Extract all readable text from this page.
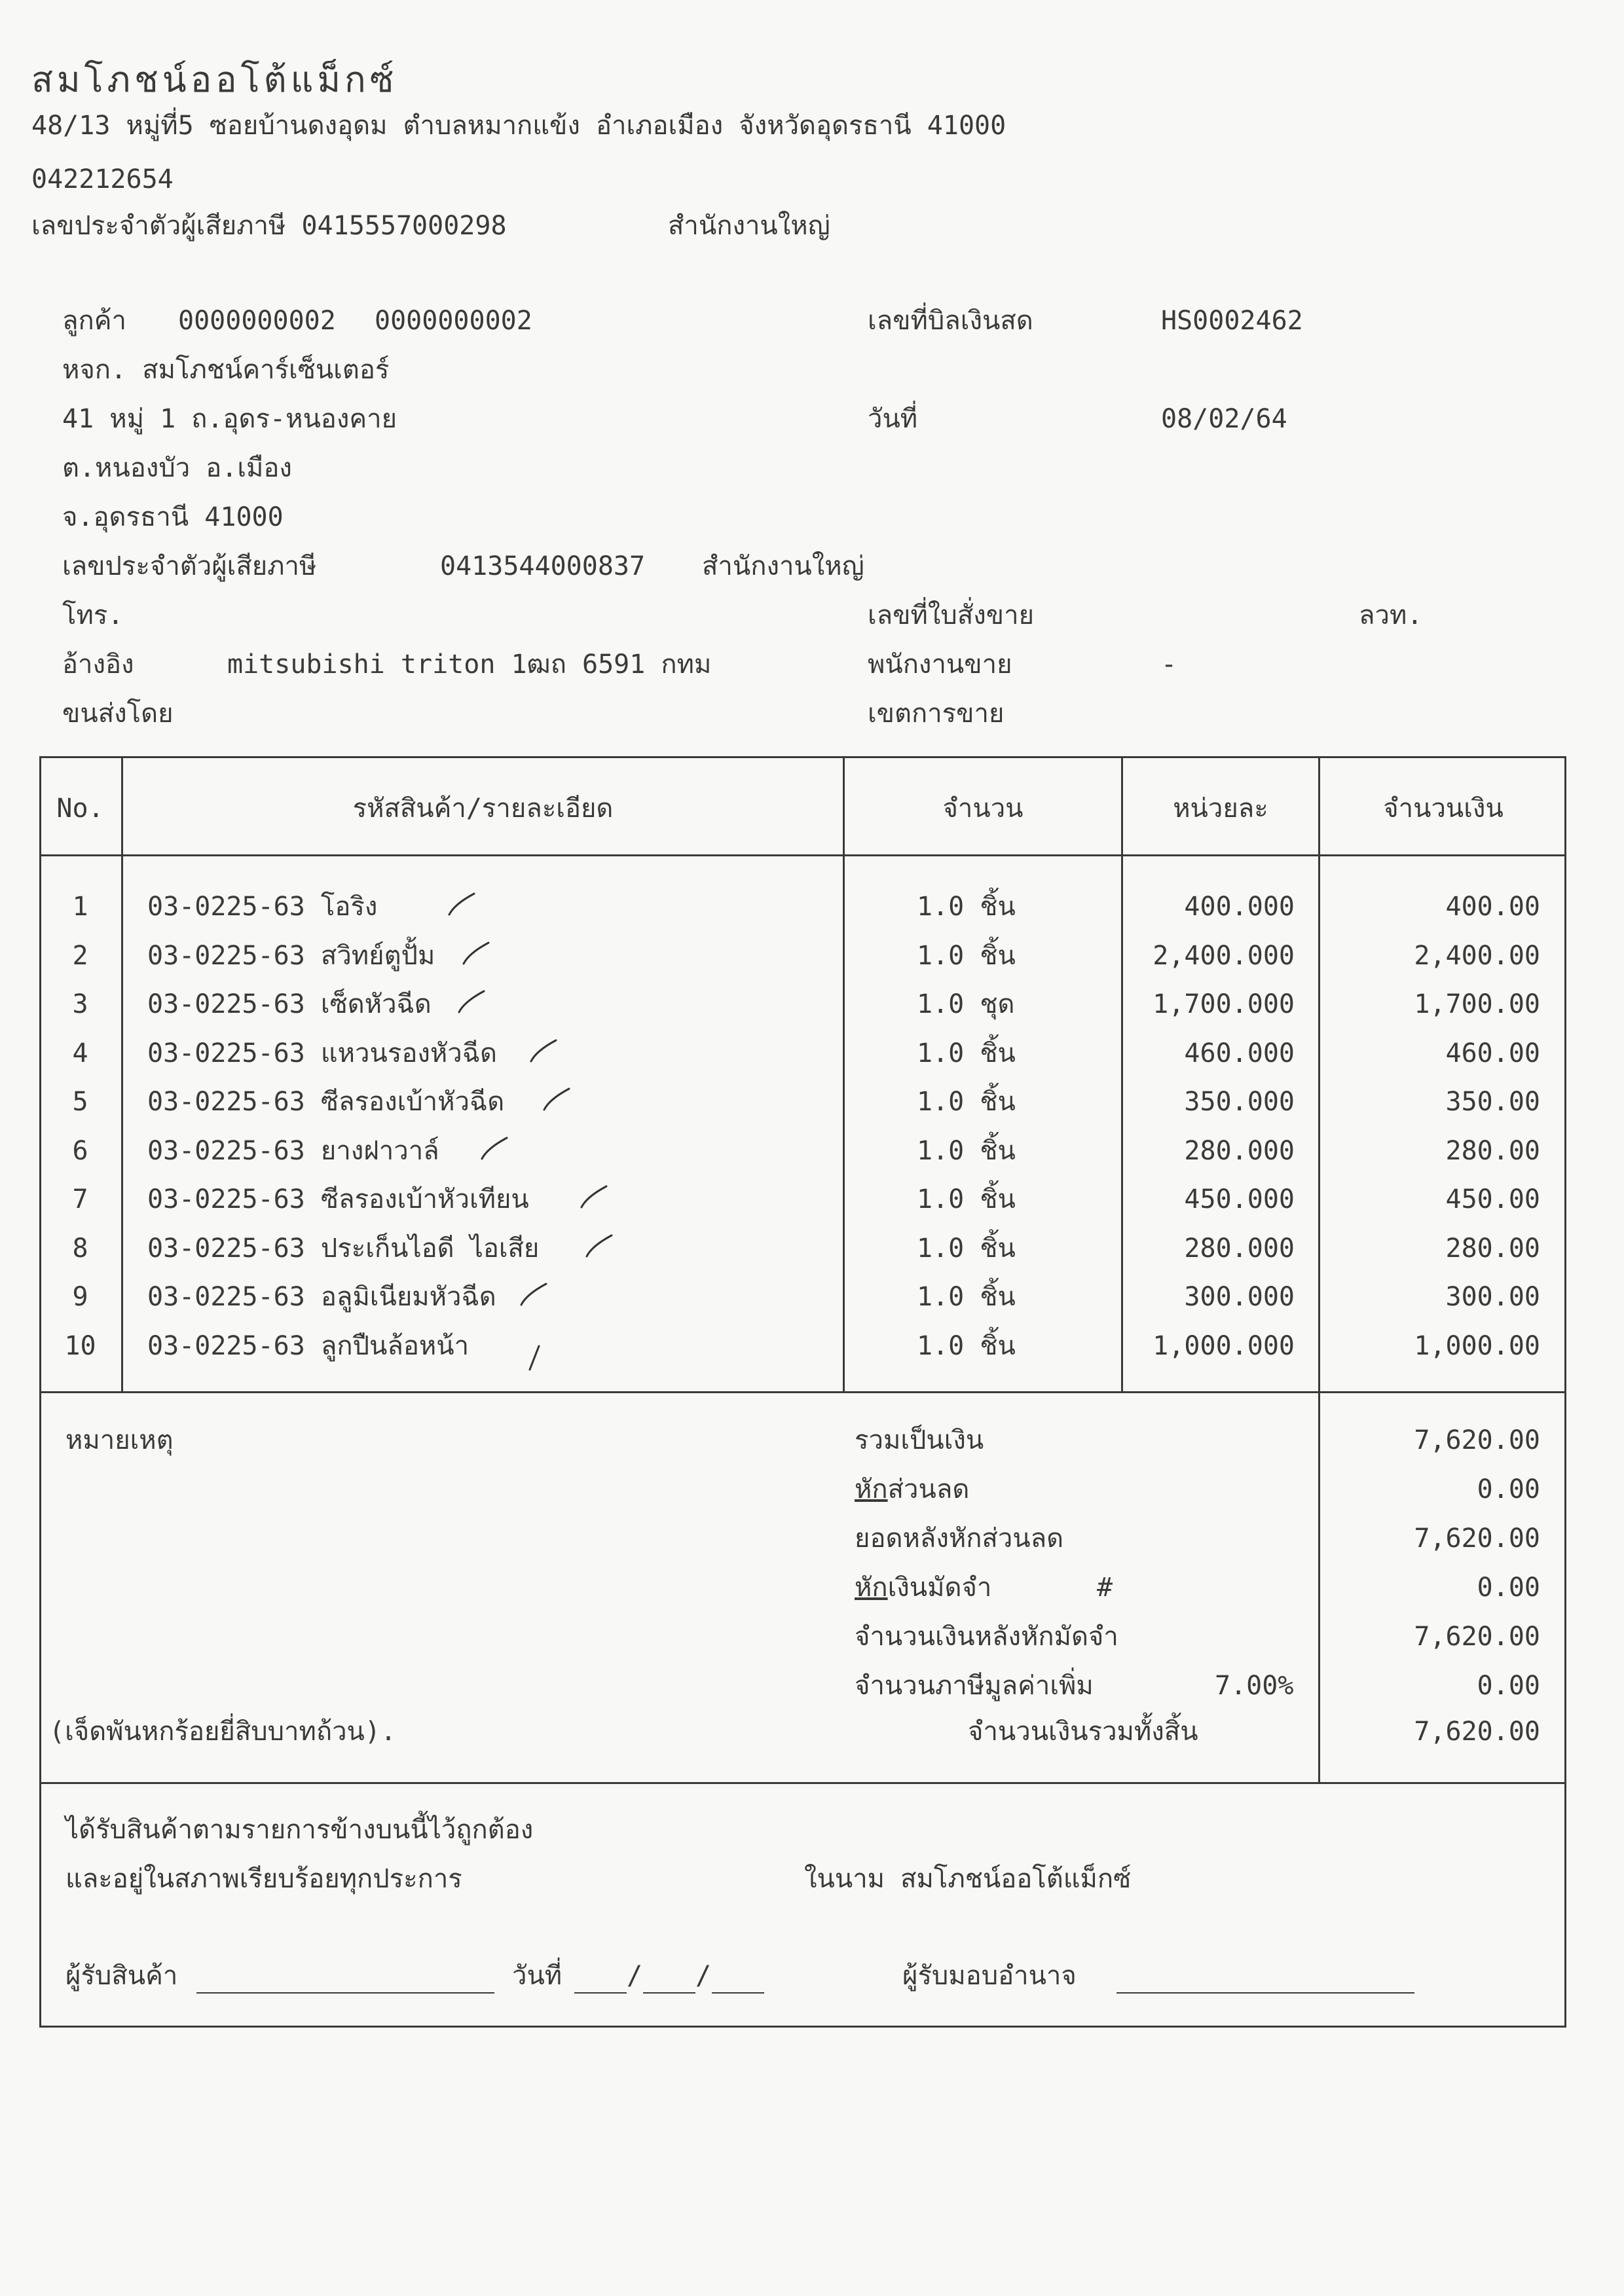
สมโภชน์ออโต้แม็กซ์
48/13 หมู่ที่5 ซอยบ้านดงอุดม ตำบลหมากแข้ง อำเภอเมือง จังหวัดอุดรธานี 41000
042212654
เลขประจำตัวผู้เสียภาษี 0415557000298	สำนักงานใหญ่
ลูกค้า 0000000002 0000000002
หจก. สมโภชน์คาร์เซ็นเตอร์
41 หมู่ 1 ถ.อุดร-หนองคาย
ต.หนองบัว อ.เมือง
จ.อุดรธานี 41000
เลขประจำตัวผู้เสียภาษี	0413544000837 สำนักงานใหญ่
โทร.
อ้างอิง	mitsubishi triton 1ฒถ 6591 กทม
ขนส่งโดย
เลขที่บิลเงินสด	HS0002462
วันที่	08/02/64
เลขที่ใบสั่งขาย	ลวท.
พนักงานขาย	-
เขตการขาย
No.	รหัสสินค้า/รายละเอียด	จำนวน	หน่วยละ	จำนวนเงิน
1	03-0225-63 โอริง	1.0 ชิ้น	400.000	400.00
2	03-0225-63 สวิทย์ตูปั้ม	1.0 ชิ้น	2,400.000	2,400.00
3	03-0225-63 เซ็ดหัวฉีด	1.0 ชุด	1,700.000	1,700.00
4	03-0225-63 แหวนรองหัวฉีด	1.0 ชิ้น	460.000	460.00
5	03-0225-63 ซีลรองเบ้าหัวฉีด	1.0 ชิ้น	350.000	350.00
6	03-0225-63 ยางฝาวาล์	1.0 ชิ้น	280.000	280.00
7	03-0225-63 ซีลรองเบ้าหัวเทียน	1.0 ชิ้น	450.000	450.00
8	03-0225-63 ประเก็นไอดี ไอเสีย	1.0 ชิ้น	280.000	280.00
9	03-0225-63 อลูมิเนียมหัวฉีด	1.0 ชิ้น	300.000	300.00
10	03-0225-63 ลูกปืนล้อหน้า	1.0 ชิ้น	1,000.000	1,000.00
หมายเหตุ
(เจ็ดพันหกร้อยยี่สิบบาทถ้วน).
รวมเป็นเงิน	7,620.00
หักส่วนลด	0.00
ยอดหลังหักส่วนลด	7,620.00
หักเงินมัดจำ	#	0.00
จำนวนเงินหลังหักมัดจำ	7,620.00
จำนวนภาษีมูลค่าเพิ่ม	7.00%	0.00
จำนวนเงินรวมทั้งสิ้น	7,620.00
ได้รับสินค้าตามรายการข้างบนนี้ไว้ถูกต้อง
และอยู่ในสภาพเรียบร้อยทุกประการ	ในนาม สมโภชน์ออโต้แม็กซ์
ผู้รับสินค้า	วันที่ / /	ผู้รับมอบอำนาจ
